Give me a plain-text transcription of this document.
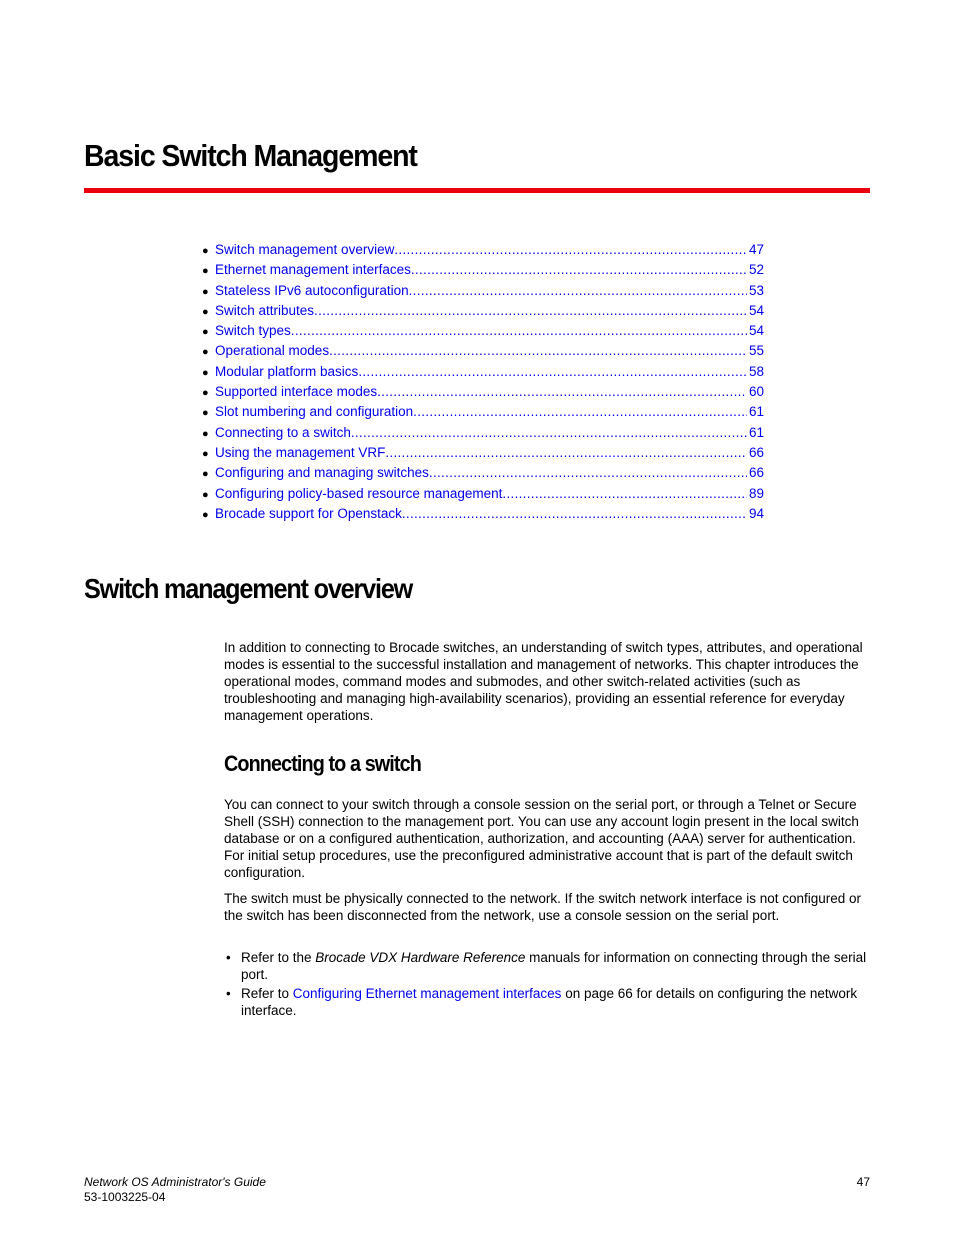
Basic Switch Management
● Switch management overview .....	47
● Ethernet management interfaces .....	52
● Stateless IPv6 autoconfiguration .....	53
● Switch attributes .....	54
● Switch types .....	54
● Operational modes .....	55
● Modular platform basics .....	58
● Supported interface modes .....	60
● Slot numbering and configuration .....	61
● Connecting to a switch .....	61
● Using the management VRF .....	66
● Configuring and managing switches .....	66
● Configuring policy-based resource management .....	89
● Brocade support for Openstack .....	94
Switch management overview

In addition to connecting to Brocade switches, an understanding of switch types, attributes, and operational modes is essential to the successful installation and management of networks. This chapter introduces the operational modes, command modes and submodes, and other switch-related activities (such as troubleshooting and managing high-availability scenarios), providing an essential reference for everyday management operations.

Connecting to a switch

You can connect to your switch through a console session on the serial port, or through a Telnet or Secure Shell (SSH) connection to the management port. You can use any account login present in the local switch database or on a configured authentication, authorization, and accounting (AAA) server for authentication. For initial setup procedures, use the preconfigured administrative account that is part of the default switch configuration.

The switch must be physically connected to the network. If the switch network interface is not configured or the switch has been disconnected from the network, use a console session on the serial port.

• Refer to the Brocade VDX Hardware Reference manuals for information on connecting through the serial port.
• Refer to Configuring Ethernet management interfaces on page 66 for details on configuring the network interface.
Network OS Administrator's Guide
53-1003225-04
47
